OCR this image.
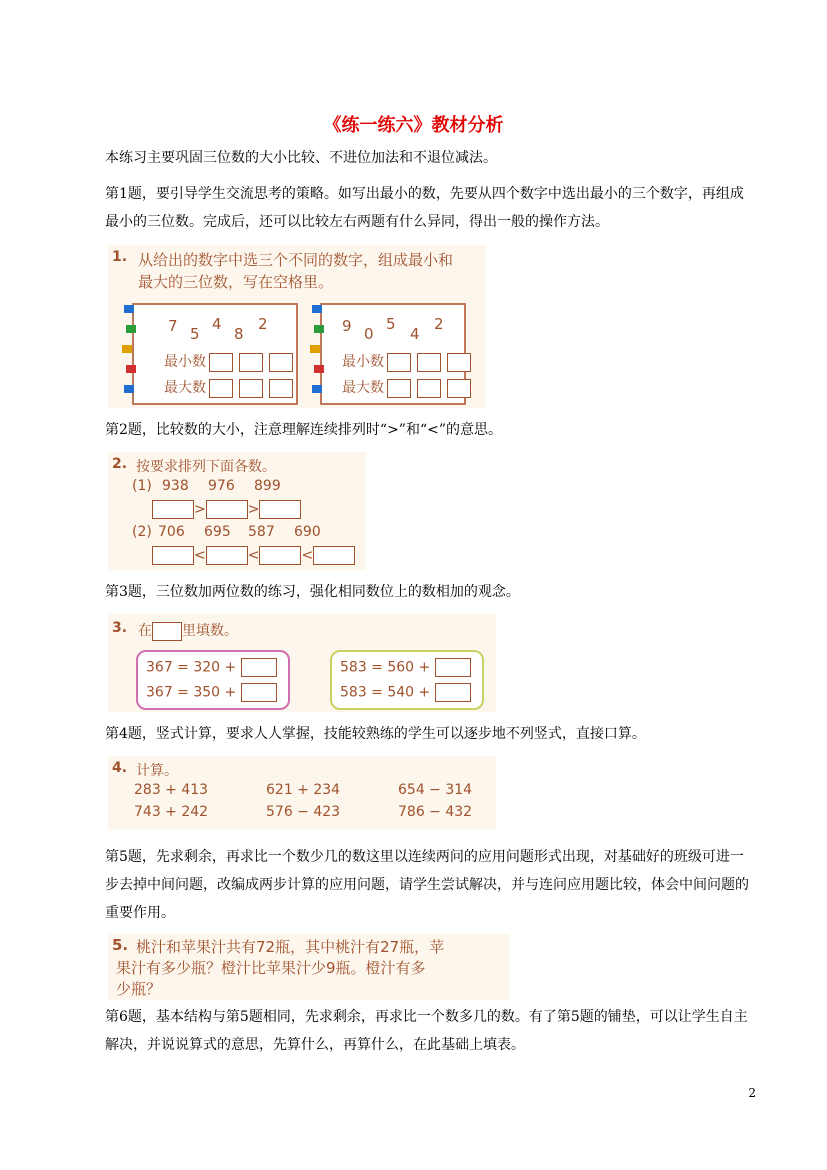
《练一练六》教材分析
本练习主要巩固三位数的大小比较、不进位加法和不退位减法。
第1题，要引导学生交流思考的策略。如写出最小的数，先要从四个数字中选出最小的三个数字，再组成最小的三位数。完成后，还可以比较左右两题有什么异同，得出一般的操作方法。
1. 从给出的数字中选三个不同的数字，组成最小和
最大的三位数，写在空格里。
7 5
4
8
2
最小数
最大数
9 0
5
4
2
最小数
最大数
第2题，比较数的大小，注意理解连续排列时“>”和“<”的意思。
2. 按要求排列下面各数。
(1) 938 976 899
>	>
(2) 706 695 587 690
<	<	<
第3题，三位数加两位数的练习，强化相同数位上的数相加的观念。
3. 在 里填数。
367 = 320 +
367 = 350 +
583 = 560 +
583 = 540 +
第4题，竖式计算，要求人人掌握，技能较熟练的学生可以逐步地不列竖式，直接口算。
4. 计算。
283 + 413	621 + 234	654 − 314
743 + 242	576 − 423	786 − 432
第5题，先求剩余，再求比一个数少几的数这里以连续两问的应用问题形式出现，对基础好的班级可进一步去掉中间问题，改编成两步计算的应用问题，请学生尝试解决，并与连问应用题比较，体会中间问题的重要作用。
5. 桃汁和苹果汁共有72瓶，其中桃汁有27瓶，苹
果汁有多少瓶？橙汁比苹果汁少9瓶。橙汁有多
少瓶？
第6题，基本结构与第5题相同，先求剩余，再求比一个数多几的数。有了第5题的铺垫，可以让学生自主解决，并说说算式的意思，先算什么，再算什么，在此基础上填表。
2
